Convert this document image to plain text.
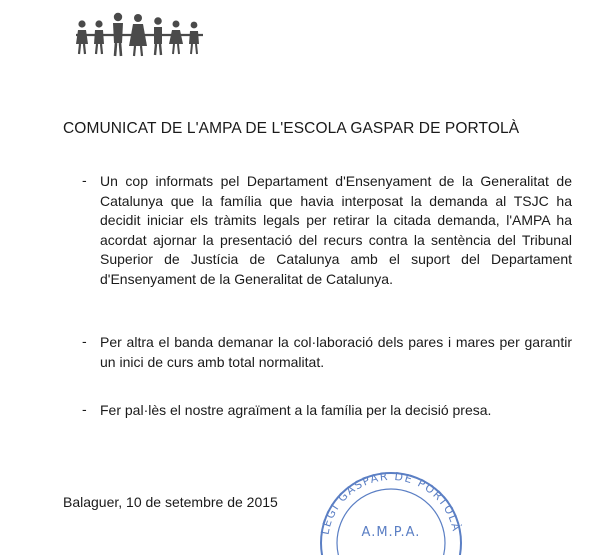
COMUNICAT DE L'AMPA DE L'ESCOLA GASPAR DE PORTOLÀ
- Un cop informats pel Departament d'Ensenyament de la Generalitat de Catalunya que la família que havia interposat la demanda al TSJC ha decidit iniciar els tràmits legals per retirar la citada demanda, l'AMPA ha acordat ajornar la presentació del recurs contra la sentència del Tribunal Superior de Justícia de Catalunya amb el suport del Departament d'Ensenyament de la Generalitat de Catalunya.
- Per altra el banda demanar la col·laboració dels pares i mares per garantir un inici de curs amb total normalitat.
- Fer pal·lès el nostre agraïment a la família per la decisió presa.
Balaguer, 10 de setembre de 2015
LEGI GASPAR DE PORTOLÀ
A.M.P.A.
